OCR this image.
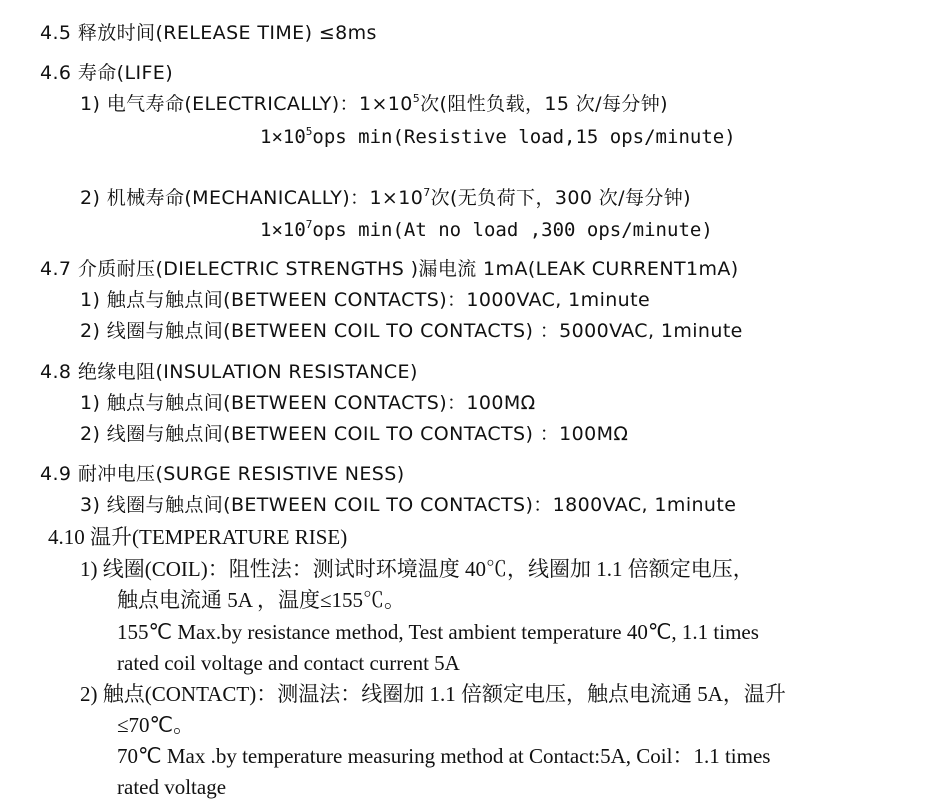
4.5 释放时间(RELEASE TIME) ≤8ms
4.6 寿命(LIFE)
1) 电气寿命(ELECTRICALLY)：$1\times 10^5$次(阻性负载，15 次/每分钟)
$1\times 10^5ops$ min(Resistive load,15 ops/minute)
2) 机械寿命(MECHANICALLY)：$1\times 10^7$次(无负荷下，300 次/每分钟)
$1\times 10^7ops$ min(At no load ,300 ops/minute)
4.7 介质耐压(DIELECTRIC STRENGTHS )漏电流 1mA(LEAK CURRENT1mA)
1) 触点与触点间(BETWEEN CONTACTS)：1000VAC, 1minute
2) 线圈与触点间(BETWEEN COIL TO CONTACTS) ：5000VAC, 1minute
4.8 绝缘电阻(INSULATION RESISTANCE)
1) 触点与触点间(BETWEEN CONTACTS)：100MΩ
2) 线圈与触点间(BETWEEN COIL TO CONTACTS) ：100MΩ
4.9 耐冲电压(SURGE RESISTIVE NESS)
3) 线圈与触点间(BETWEEN COIL TO CONTACTS)：1800VAC, 1minute
4.10 温升(TEMPERATURE RISE)
1) 线圈(COIL)：阻性法：测试时环境温度 40℃，线圈加 1.1 倍额定电压，
触点电流通 5A ，温度≤155℃。
155℃ Max.by resistance method, Test ambient temperature 40℃, 1.1 times
rated coil voltage and contact current 5A
2) 触点(CONTACT)：测温法：线圈加 1.1 倍额定电压，触点电流通 5A，温升
≤70℃。
70℃ Max .by temperature measuring method at Contact:5A, Coil：1.1 times
rated voltage
